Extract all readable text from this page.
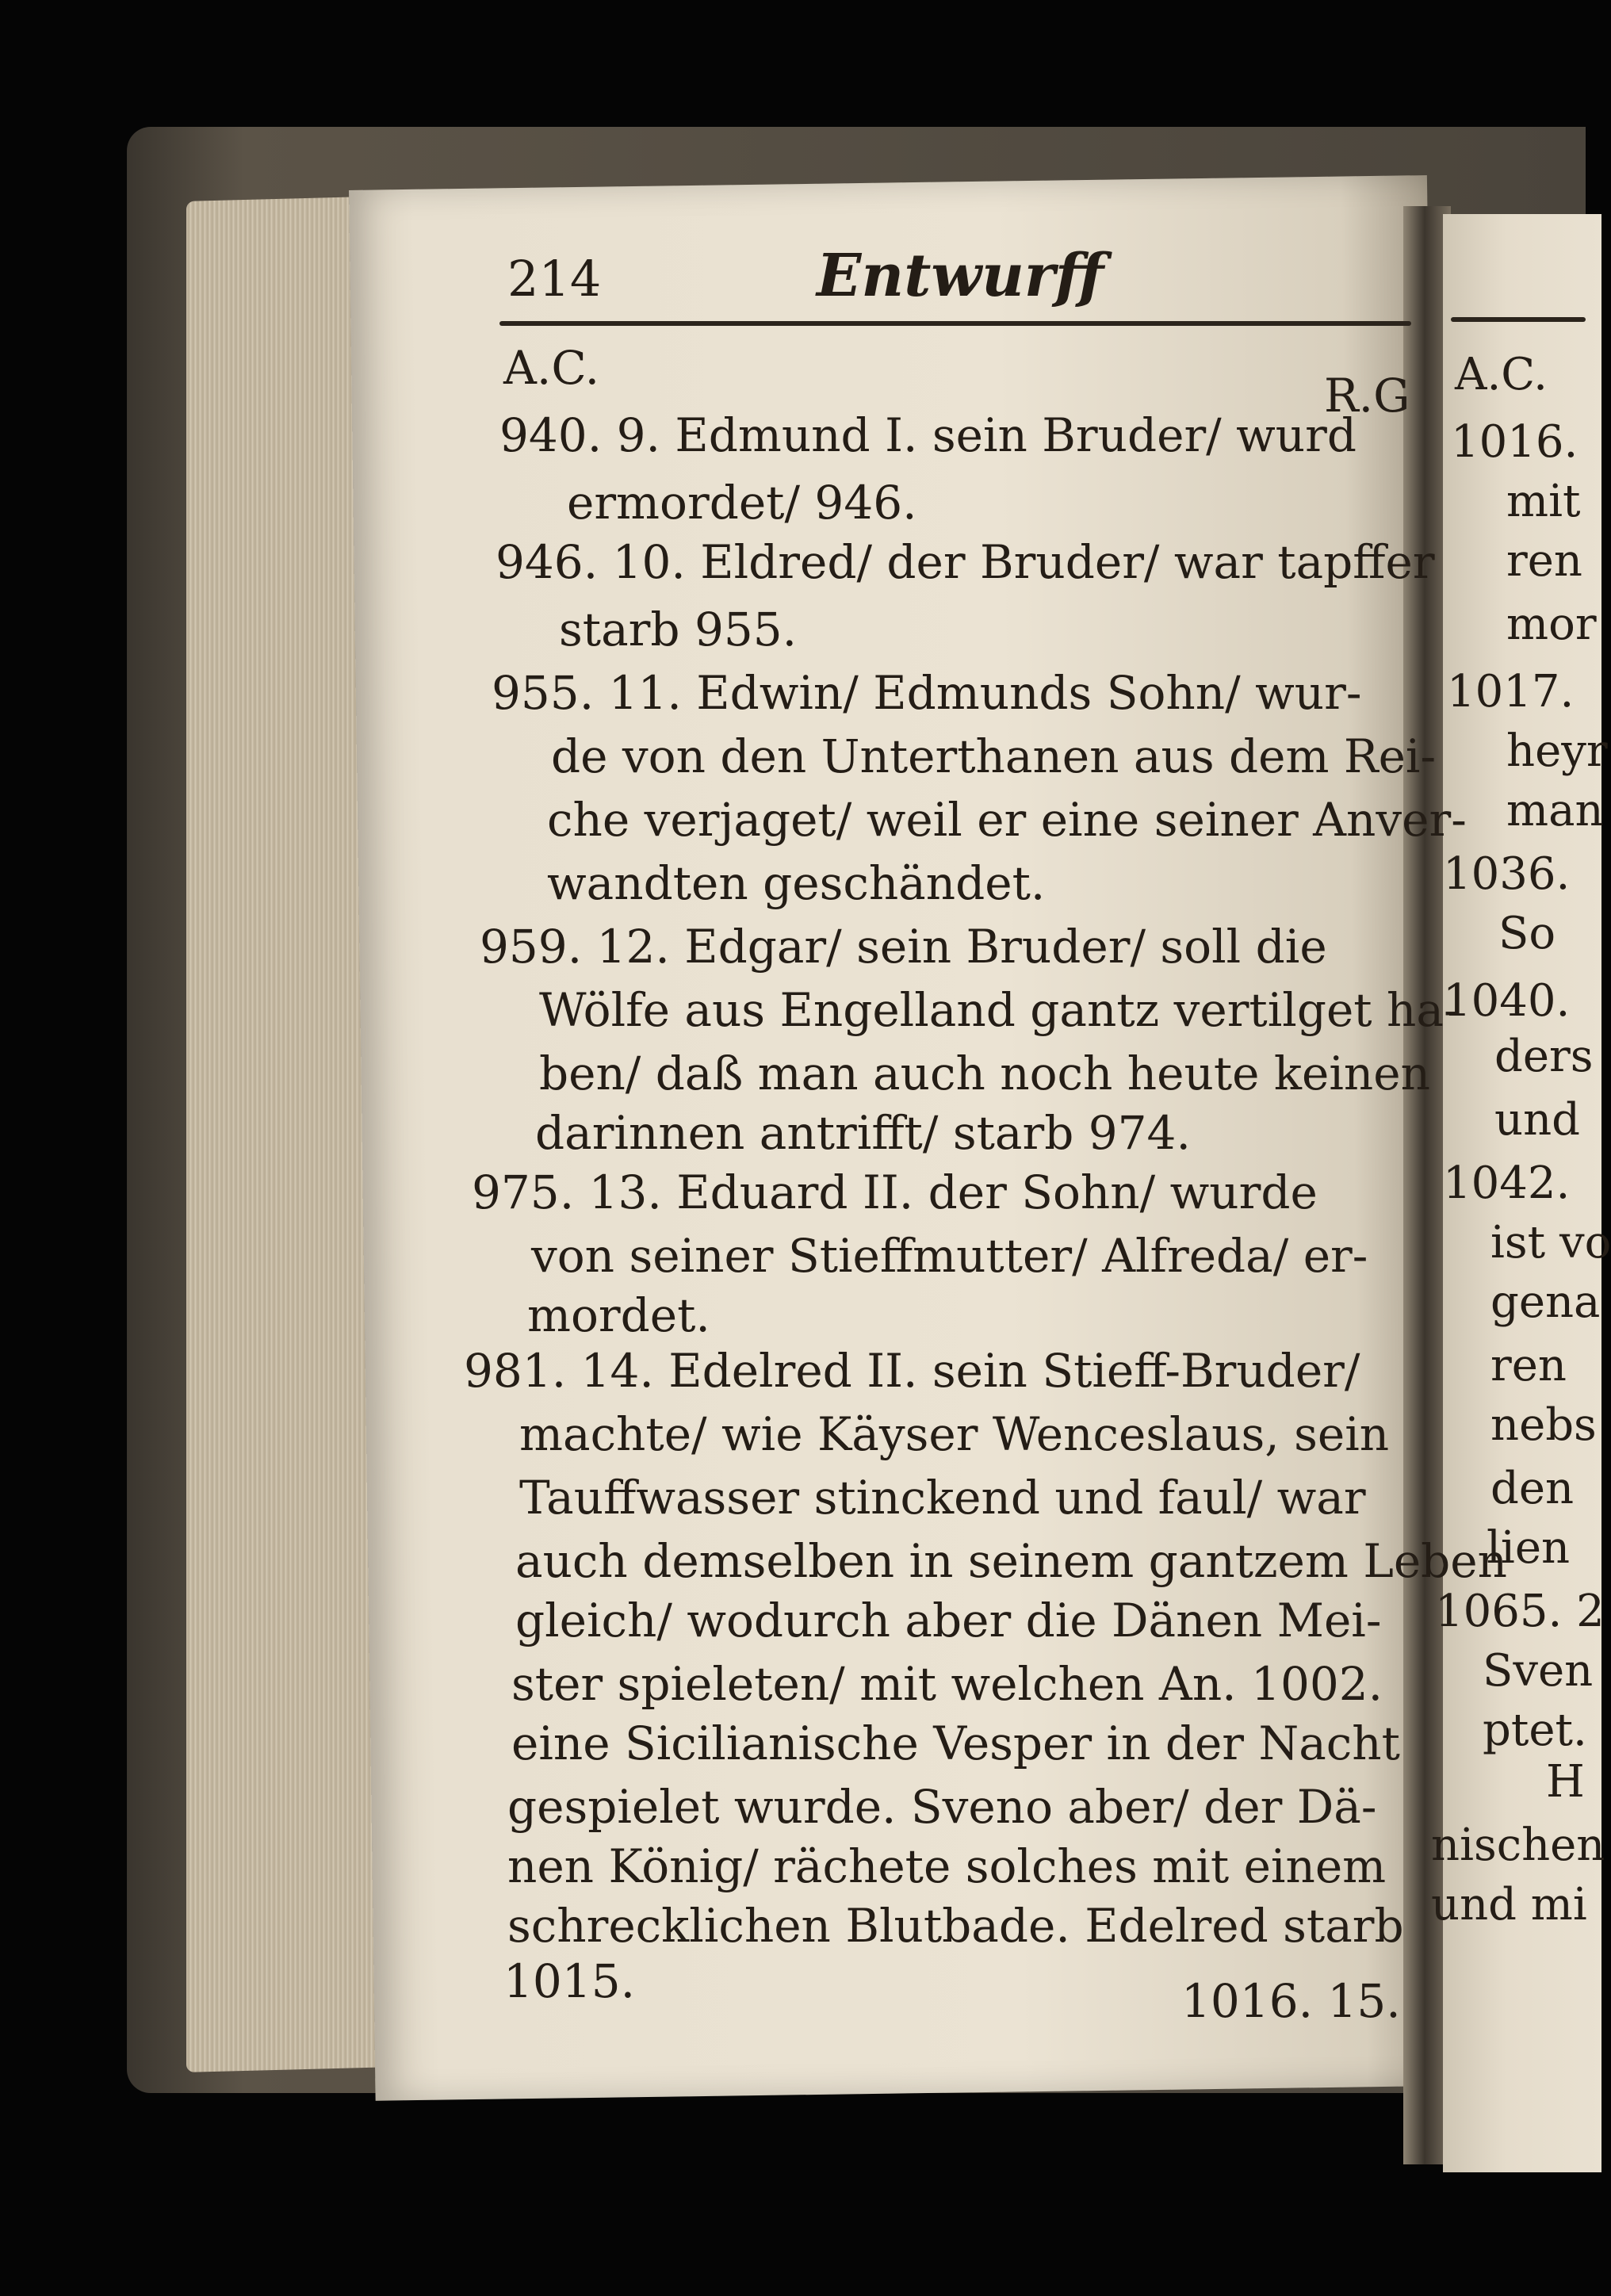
214	Entwurff
A.C.
R.G
940. 9. Edmund I. sein Bruder/ wurd
ermordet/ 946.
946. 10. Eldred/ der Bruder/ war tapffer
starb 955.
955. 11. Edwin/ Edmunds Sohn/ wur-
de von den Unterthanen aus dem Rei-
che verjaget/ weil er eine seiner Anver-
wandten geschändet.
959. 12. Edgar/ sein Bruder/ soll die
Wölfe aus Engelland gantz vertilget ha-
ben/ daß man auch noch heute keinen
darinnen antrifft/ starb 974.
975. 13. Eduard II. der Sohn/ wurde
von seiner Stieffmutter/ Alfreda/ er-
mordet.
981. 14. Edelred II. sein Stieff-Bruder/
machte/ wie Käyser Wenceslaus, sein
Tauffwasser stinckend und faul/ war
auch demselben in seinem gantzem Leben
gleich/ wodurch aber die Dänen Mei-
ster spieleten/ mit welchen An. 1002.
eine Sicilianische Vesper in der Nacht
gespielet wurde. Sveno aber/ der Dä-
nen König/ rächete solches mit einem
schrecklichen Blutbade. Edelred starb
1015.	1016. 15.
A.C.
1016.
mit
ren
mor
1017.
heyr
man
1036.
So
1040.
ders
und
1042.
ist vo
gena
ren
nebs
den
lien
1065. 2
Sven
ptet.
H
nischen
und mi
